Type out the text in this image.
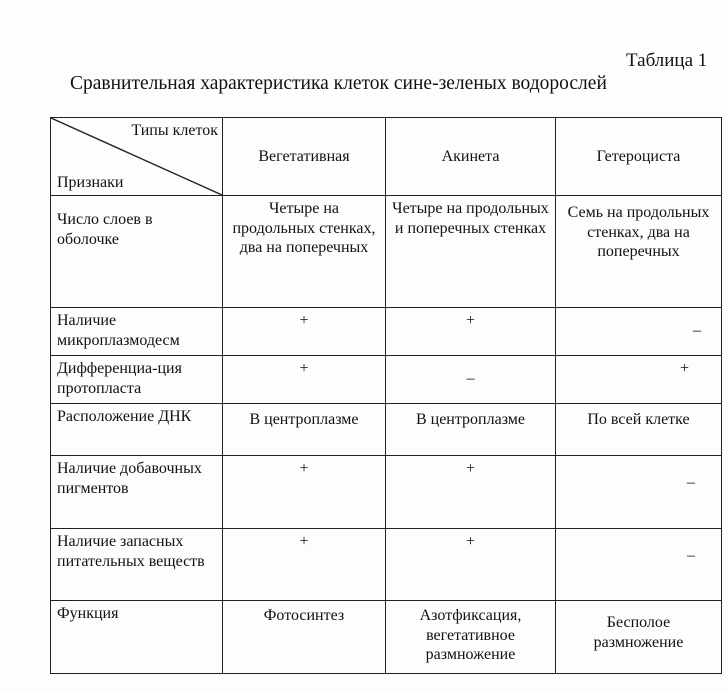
Таблица 1
Сравнительная характеристика клеток сине-зеленых водорослей
Типы клеток
Признаки	Вегетативная	Акинета	Гетероциста
Число слоев в оболочке	Четыре на продольных стенках, два на поперечных	Четыре на продольных и поперечных стенках	Семь на продольных стенках, два на поперечных
Наличие микроплазмодесм	+	+	–

Дифференциа-ция протопласта	+	–	+

Расположение ДНК	В центроплазме	В центроплазме	По всей клетке
Наличие добавочных пигментов	+	+	–

Наличие запасных питательных веществ	+	+	–

Функция	Фотосинтез	Азотфиксация, вегетативное размножение	Бесполое размножение
